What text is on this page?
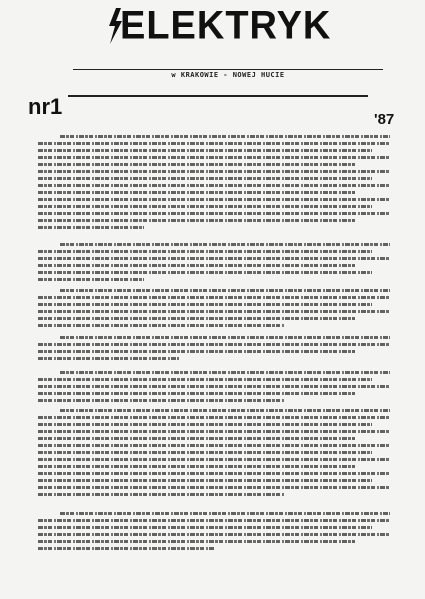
ELEKTRYK
w KRAKOWIE - NOWEJ HUCIE
nr1
'87
